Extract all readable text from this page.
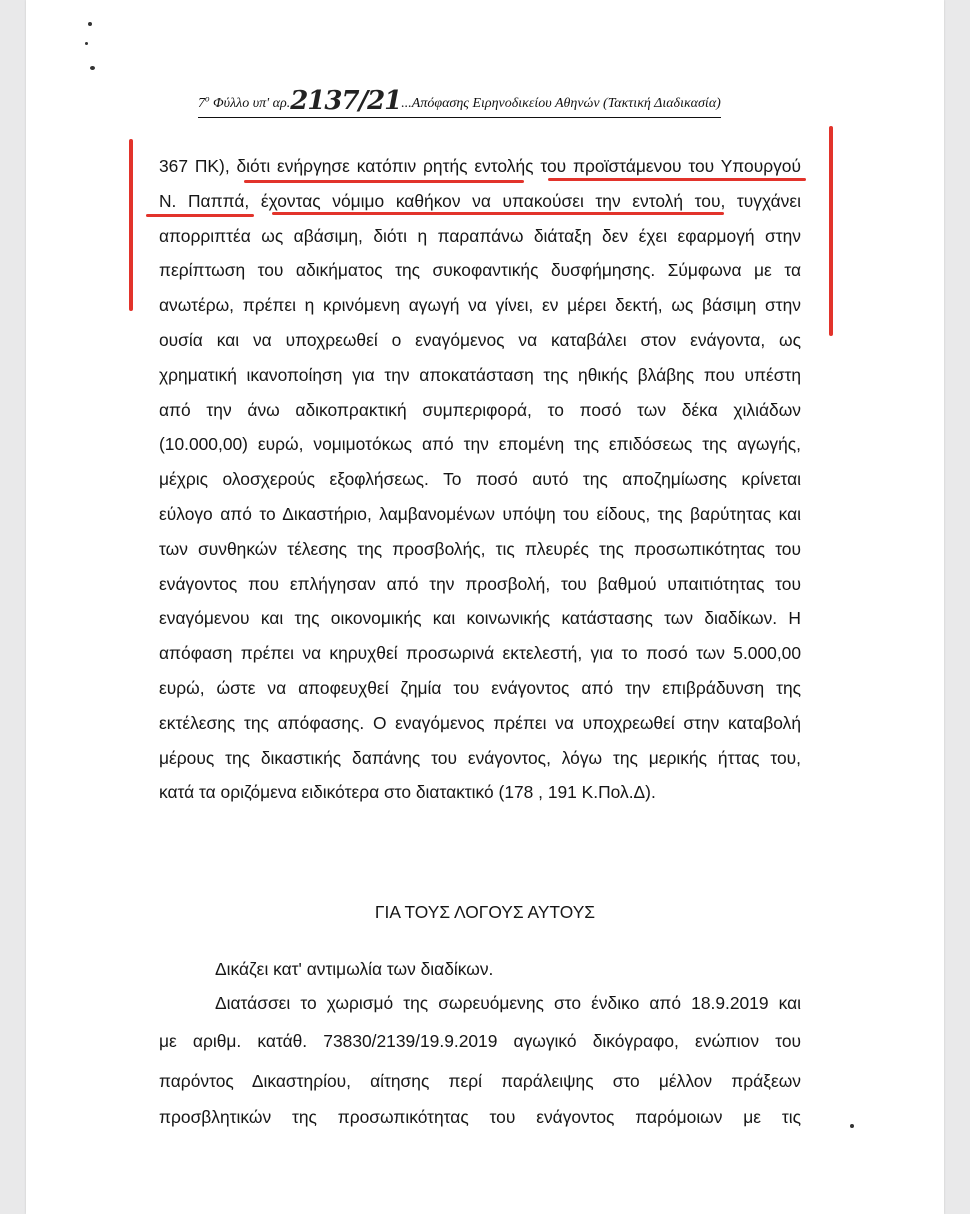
$7^o$ Φύλλο υπ' αρ.2137/21...Απόφασης Ειρηνοδικείου Αθηνών (Τακτική Διαδικασία)
367 ΠΚ), διότι ενήργησε κατόπιν ρητής εντολής του προϊστάμενου του Υπουργού
Ν. Παππά, έχοντας νόμιμο καθήκον να υπακούσει την εντολή του, τυγχάνει
απορριπτέα ως αβάσιμη, διότι η παραπάνω διάταξη δεν έχει εφαρμογή στην
περίπτωση του αδικήματος της συκοφαντικής δυσφήμησης. Σύμφωνα με τα
ανωτέρω, πρέπει η κρινόμενη αγωγή να γίνει, εν μέρει δεκτή, ως βάσιμη στην
ουσία και να υποχρεωθεί ο εναγόμενος να καταβάλει στον ενάγοντα, ως
χρηματική ικανοποίηση για την αποκατάσταση της ηθικής βλάβης που υπέστη
από την άνω αδικοπρακτική συμπεριφορά, το ποσό των δέκα χιλιάδων
(10.000,00) ευρώ, νομιμοτόκως από την επομένη της επιδόσεως της αγωγής,
μέχρις ολοσχερούς εξοφλήσεως. Το ποσό αυτό της αποζημίωσης κρίνεται
εύλογο από το Δικαστήριο, λαμβανομένων υπόψη του είδους, της βαρύτητας και
των συνθηκών τέλεσης της προσβολής, τις πλευρές της προσωπικότητας του
ενάγοντος που επλήγησαν από την προσβολή, του βαθμού υπαιτιότητας του
εναγόμενου και της οικονομικής και κοινωνικής κατάστασης των διαδίκων. Η
απόφαση πρέπει να κηρυχθεί προσωρινά εκτελεστή, για το ποσό των 5.000,00
ευρώ, ώστε να αποφευχθεί ζημία του ενάγοντος από την επιβράδυνση της
εκτέλεσης της απόφασης. Ο εναγόμενος πρέπει να υποχρεωθεί στην καταβολή
μέρους της δικαστικής δαπάνης του ενάγοντος, λόγω της μερικής ήττας του,
κατά τα οριζόμενα ειδικότερα στο διατακτικό (178 , 191 Κ.Πολ.Δ).
ΓΙΑ ΤΟΥΣ ΛΟΓΟΥΣ ΑΥΤΟΥΣ
Δικάζει κατ' αντιμωλία των διαδίκων.
Διατάσσει το χωρισμό της σωρευόμενης στο ένδικο από 18.9.2019 και
με αριθμ. κατάθ. 73830/2139/19.9.2019 αγωγικό δικόγραφο, ενώπιον του
παρόντος Δικαστηρίου, αίτησης περί παράλειψης στο μέλλον πράξεων
προσβλητικών της προσωπικότητας του ενάγοντος παρόμοιων με τις
